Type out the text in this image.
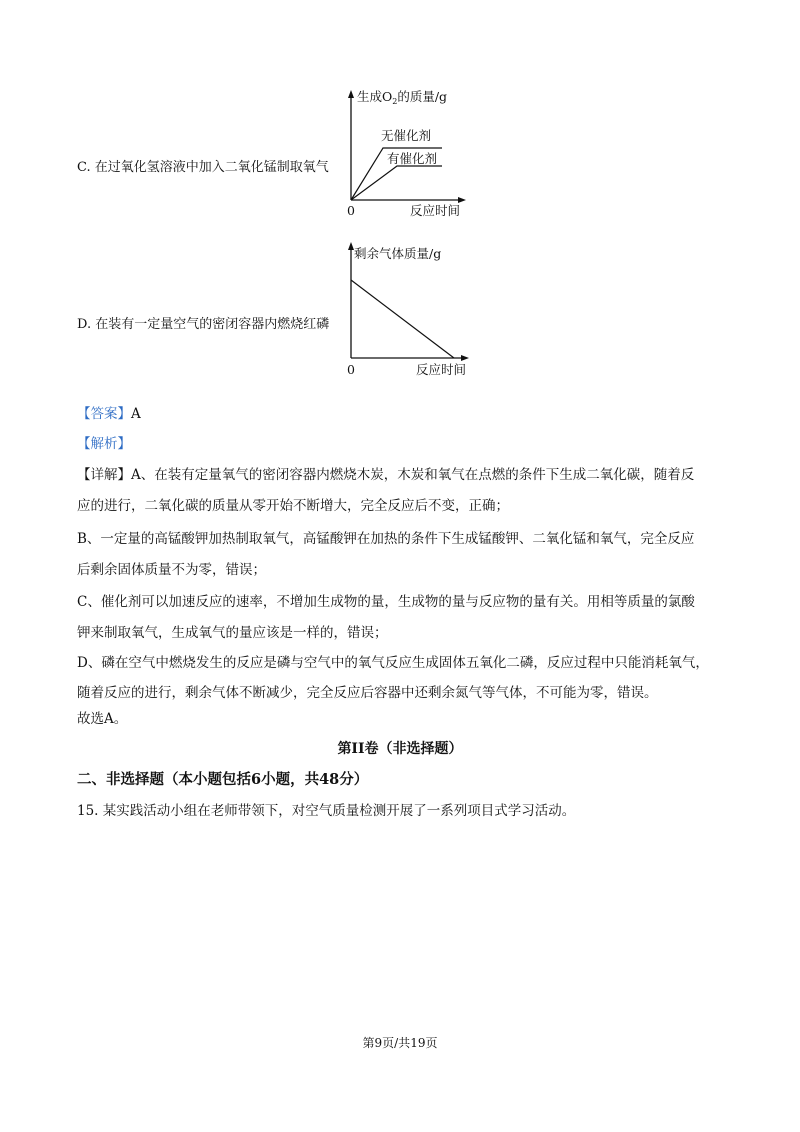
C. 在过氧化氢溶液中加入二氧化锰制取氧气
生成$O_2$的质量/g
无催化剂
有催化剂
0	反应时间
D. 在装有一定量空气的密闭容器内燃烧红磷
剩余气体质量/g
0	反应时间
【答案】A
【解析】
【详解】A、在装有定量氧气的密闭容器内燃烧木炭，木炭和氧气在点燃的条件下生成二氧化碳，随着反
应的进行，二氧化碳的质量从零开始不断增大，完全反应后不变，正确；
B、一定量的高锰酸钾加热制取氧气，高锰酸钾在加热的条件下生成锰酸钾、二氧化锰和氧气，完全反应
后剩余固体质量不为零，错误；
C、催化剂可以加速反应的速率，不增加生成物的量，生成物的量与反应物的量有关。用相等质量的氯酸
钾来制取氧气，生成氧气的量应该是一样的，错误；
D、磷在空气中燃烧发生的反应是磷与空气中的氧气反应生成固体五氧化二磷，反应过程中只能消耗氧气，
随着反应的进行，剩余气体不断减少，完全反应后容器中还剩余氮气等气体，不可能为零，错误。
故选A。
第II卷（非选择题）
二、非选择题（本小题包括6小题，共48分）
15. 某实践活动小组在老师带领下，对空气质量检测开展了一系列项目式学习活动。
第9页/共19页
